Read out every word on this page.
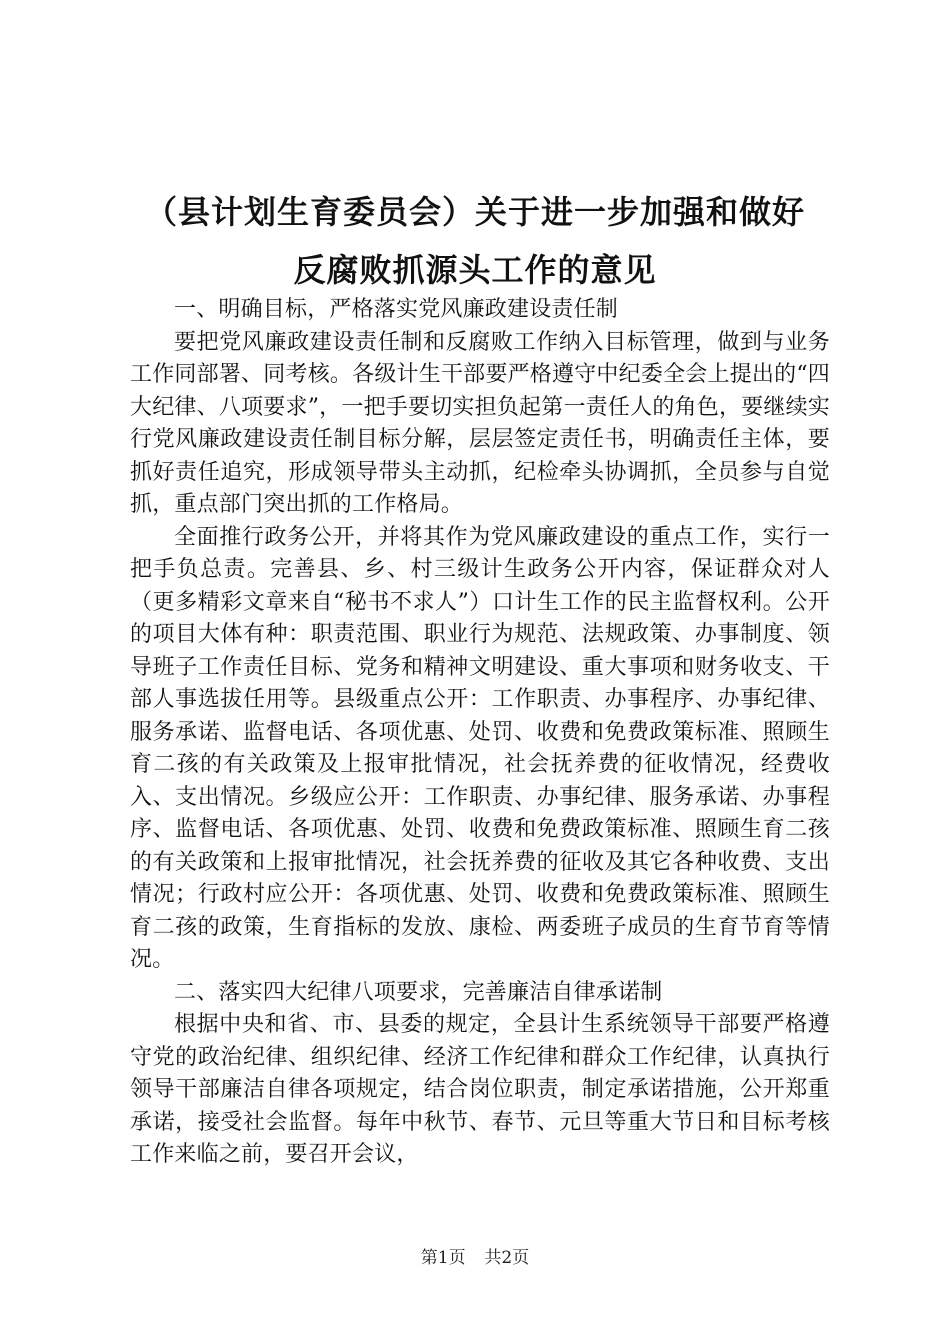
（县计划生育委员会）关于进一步加强和做好
反腐败抓源头工作的意见

一、明确目标，严格落实党风廉政建设责任制

要把党风廉政建设责任制和反腐败工作纳入目标管理，做到与业务工作同部署、同考核。各级计生干部要严格遵守中纪委全会上提出的“四大纪律、八项要求”，一把手要切实担负起第一责任人的角色，要继续实行党风廉政建设责任制目标分解，层层签定责任书，明确责任主体，要抓好责任追究，形成领导带头主动抓，纪检牵头协调抓，全员参与自觉抓，重点部门突出抓的工作格局。

全面推行政务公开，并将其作为党风廉政建设的重点工作，实行一把手负总责。完善县、乡、村三级计生政务公开内容，保证群众对人（更多精彩文章来自“秘书不求人”）口计生工作的民主监督权利。公开的项目大体有种：职责范围、职业行为规范、法规政策、办事制度、领导班子工作责任目标、党务和精神文明建设、重大事项和财务收支、干部人事选拔任用等。县级重点公开：工作职责、办事程序、办事纪律、服务承诺、监督电话、各项优惠、处罚、收费和免费政策标准、照顾生育二孩的有关政策及上报审批情况，社会抚养费的征收情况，经费收入、支出情况。乡级应公开：工作职责、办事纪律、服务承诺、办事程序、监督电话、各项优惠、处罚、收费和免费政策标准、照顾生育二孩的有关政策和上报审批情况，社会抚养费的征收及其它各种收费、支出情况；行政村应公开：各项优惠、处罚、收费和免费政策标准、照顾生育二孩的政策，生育指标的发放、康检、两委班子成员的生育节育等情况。

二、落实四大纪律八项要求，完善廉洁自律承诺制

根据中央和省、市、县委的规定，全县计生系统领导干部要严格遵守党的政治纪律、组织纪律、经济工作纪律和群众工作纪律，认真执行领导干部廉洁自律各项规定，结合岗位职责，制定承诺措施，公开郑重承诺，接受社会监督。每年中秋节、春节、元旦等重大节日和目标考核工作来临之前，要召开会议，

第1页 共2页
